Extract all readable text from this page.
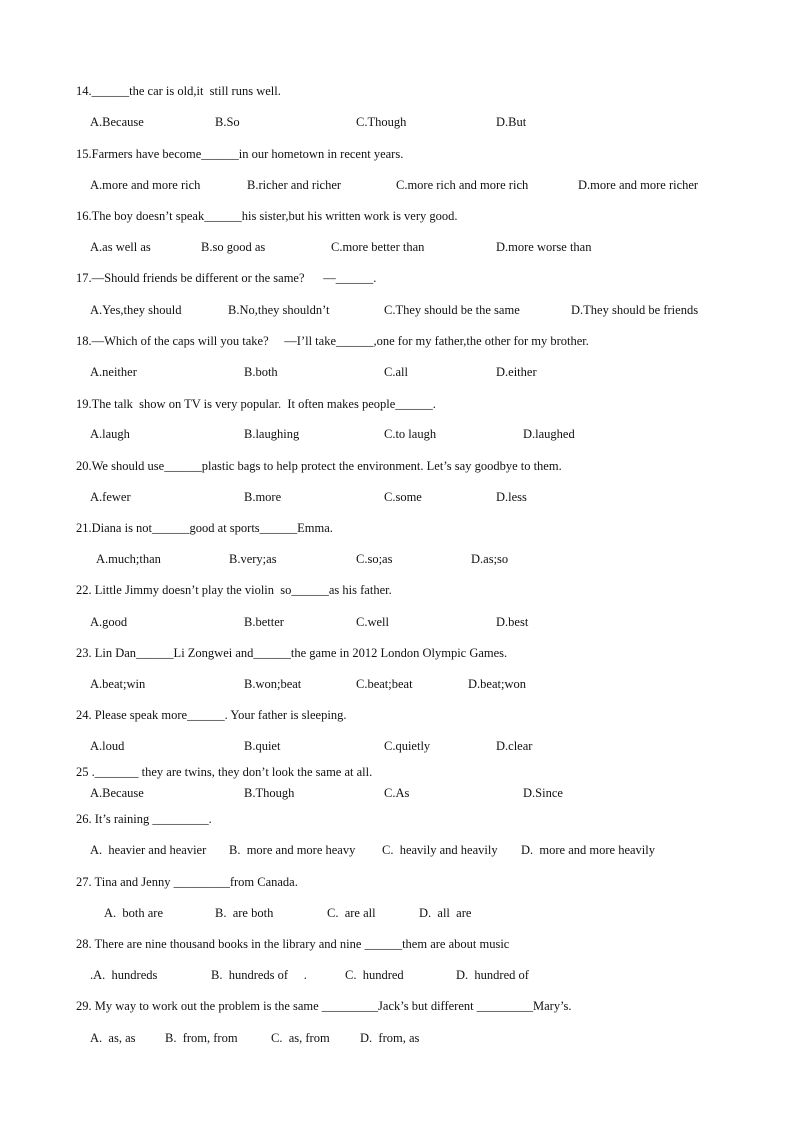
14.______the car is old,it  still runs well.
A.Because	B.So	C.Though	D.But
15.Farmers have become______in our hometown in recent years.
A.more and more rich	B.richer and richer	C.more rich and more rich	D.more and more richer
16.The boy doesn’t speak______his sister,but his written work is very good.
A.as well as	B.so good as	C.more better than	D.more worse than
17.—Should friends be different or the same?      —______.
A.Yes,they should	B.No,they shouldn’t	C.They should be the same	D.They should be friends
18.—Which of the caps will you take?     —I’ll take______,one for my father,the other for my brother.
A.neither	B.both	C.all	D.either
19.The talk  show on TV is very popular.  It often makes people______.
A.laugh	B.laughing	C.to laugh	D.laughed
20.We should use______plastic bags to help protect the environment. Let’s say goodbye to them.
A.fewer	B.more	C.some	D.less
21.Diana is not______good at sports______Emma.
A.much;than	B.very;as	C.so;as	D.as;so
22. Little Jimmy doesn’t play the violin  so______as his father.
A.good	B.better	C.well	D.best
23. Lin Dan______Li Zongwei and______the game in 2012 London Olympic Games.
A.beat;win	B.won;beat	C.beat;beat	D.beat;won
24. Please speak more______. Your father is sleeping.
A.loud	B.quiet	C.quietly	D.clear
25 ._______ they are twins, they don’t look the same at all.
A.Because	B.Though	C.As	D.Since
26. It’s raining _________.
A.  heavier and heavier B.  more and more heavy C.  heavily and heavily D.  more and more heavily
27. Tina and Jenny _________from Canada.
A.  both are	B.  are both	C.  are all	D.  all  are
28. There are nine thousand books in the library and nine ______them are about music
.A.  hundreds	B.  hundreds of     .	C.  hundred	D.  hundred of
29. My way to work out the problem is the same _________Jack’s but different _________Mary’s.
A.  as, as B.  from, from	C.  as, from D.  from, as
